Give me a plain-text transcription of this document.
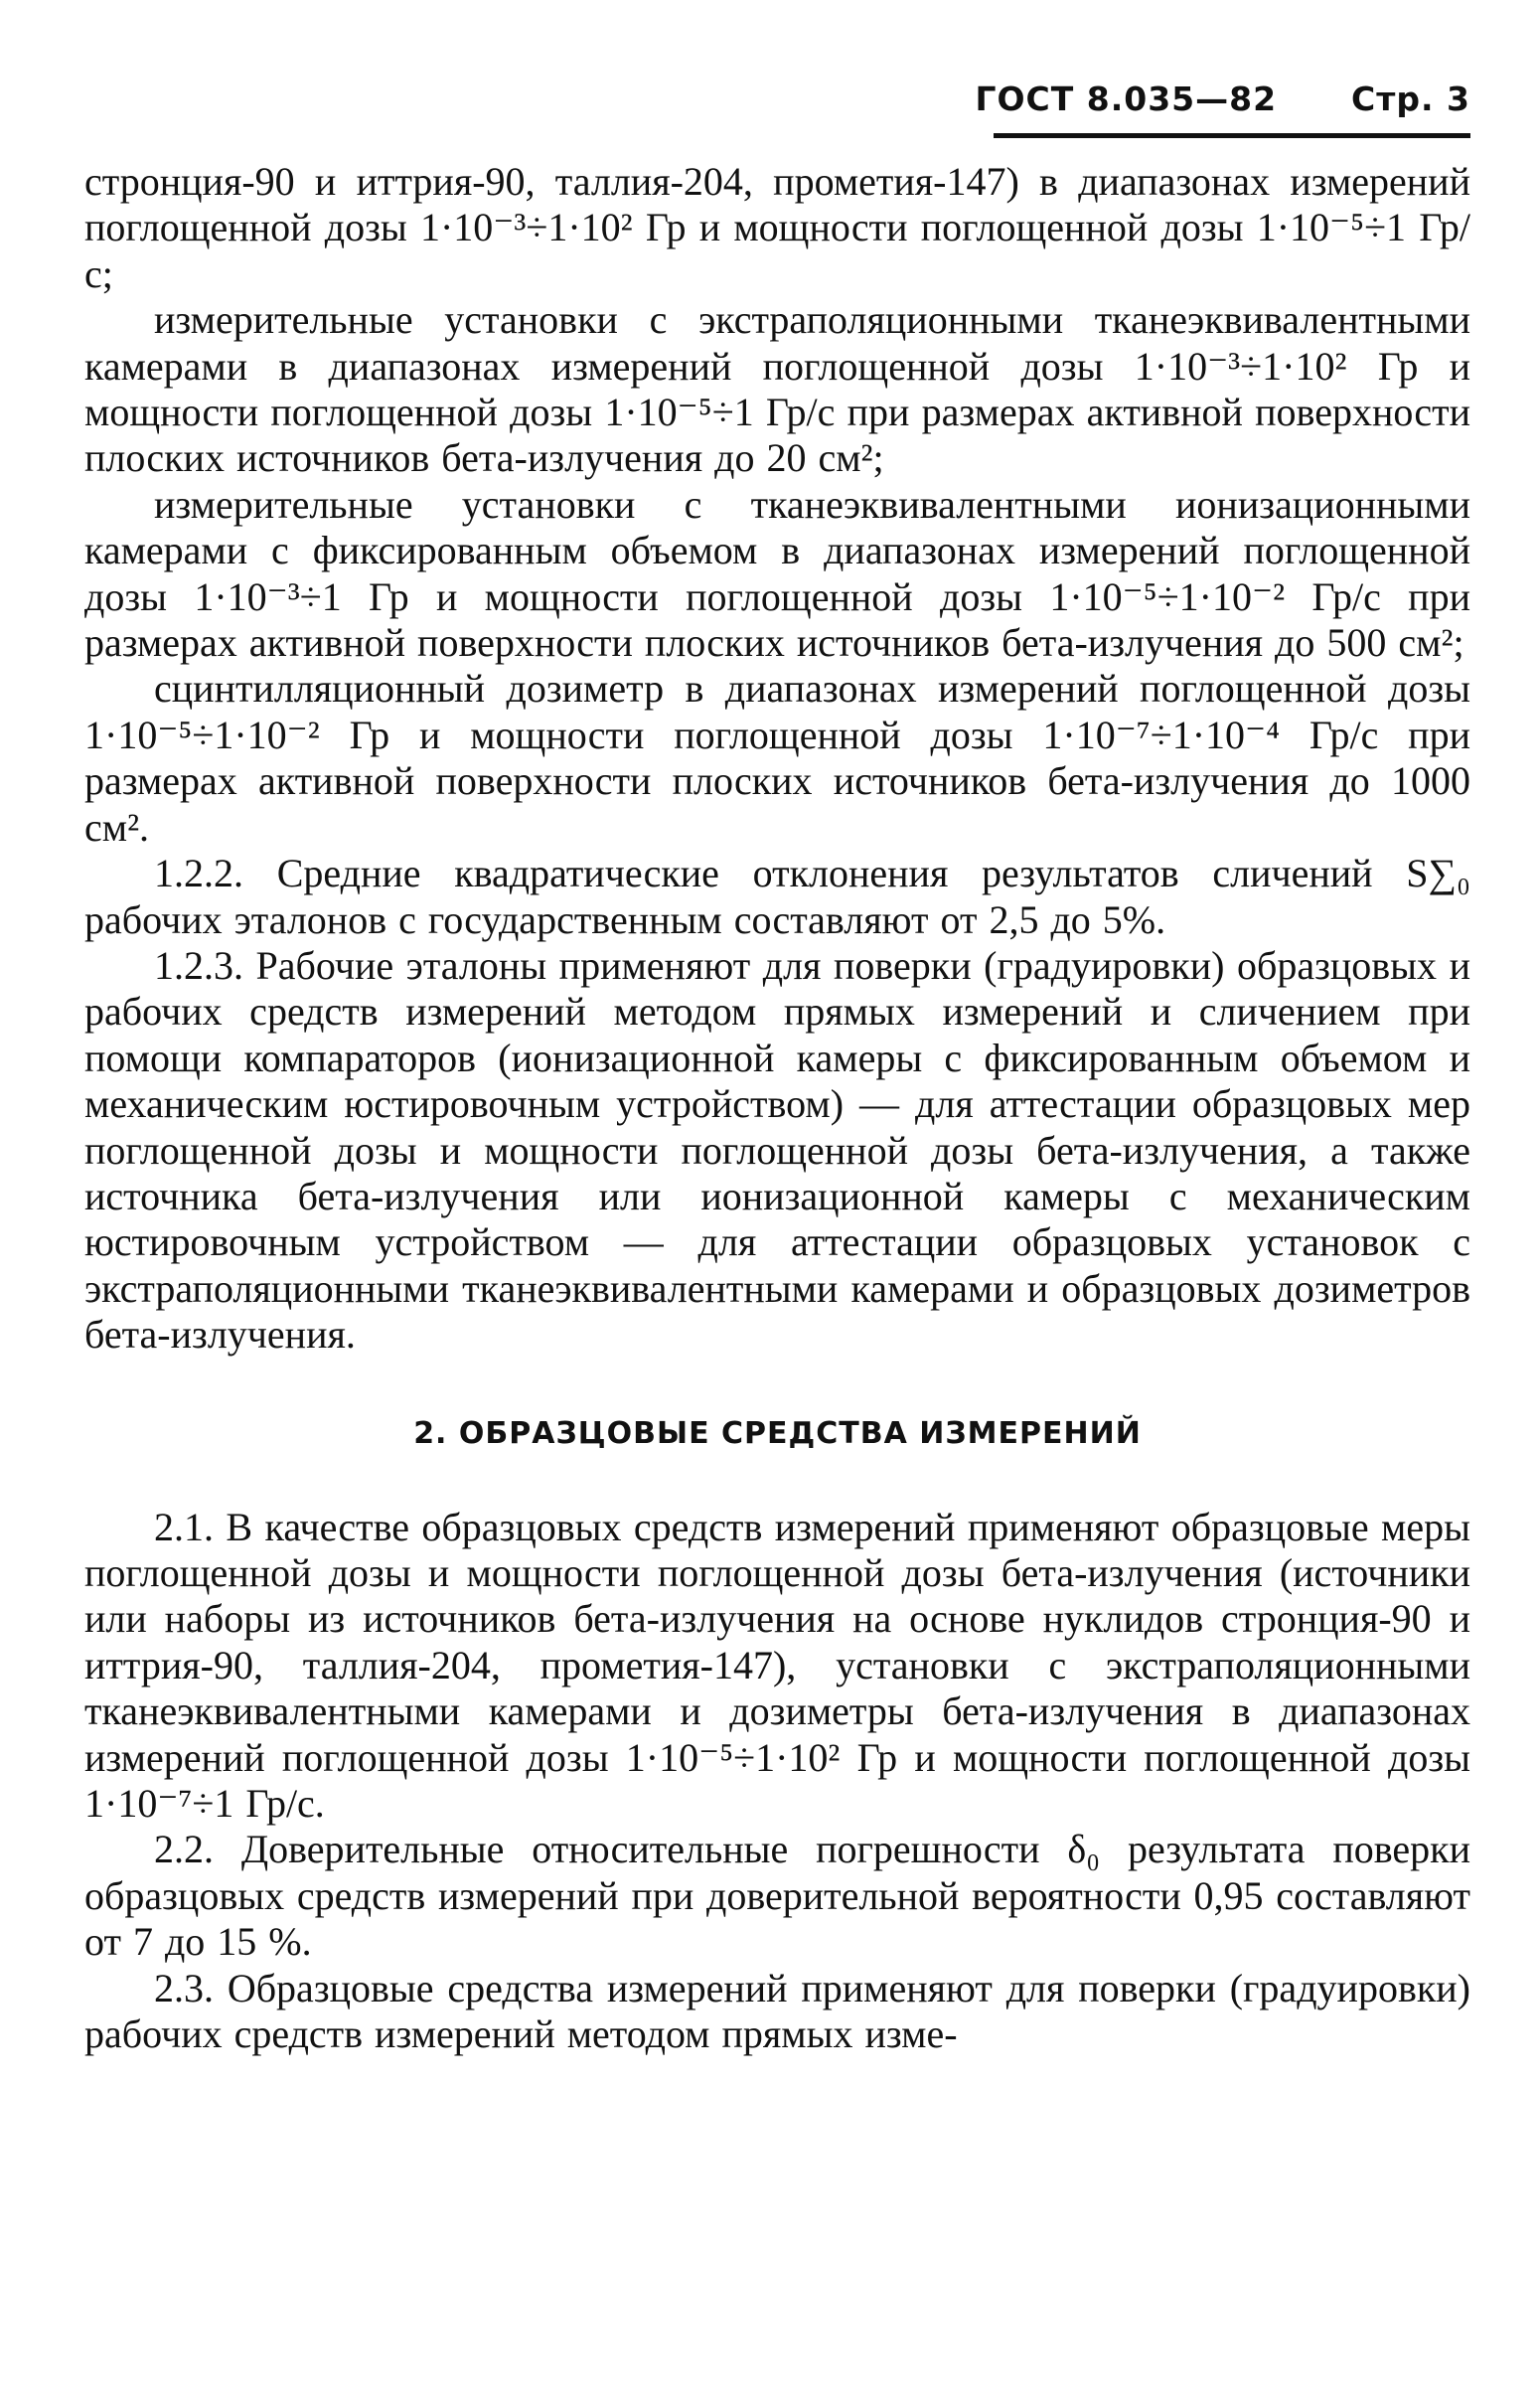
ГОСТ 8.035—82 Стр. 3

стронция-90 и иттрия-90, таллия-204, прометия-147) в диапазонах измерений поглощенной дозы 1·10⁻³÷1·10² Гр и мощности поглощенной дозы 1·10⁻⁵÷1 Гр/с;

измерительные установки с экстраполяционными тканеэквивалентными камерами в диапазонах измерений поглощенной дозы 1·10⁻³÷1·10² Гр и мощности поглощенной дозы 1·10⁻⁵÷1 Гр/с при размерах активной поверхности плоских источников бета-излучения до 20 см²;

измерительные установки с тканеэквивалентными ионизационными камерами с фиксированным объемом в диапазонах измерений поглощенной дозы 1·10⁻³÷1 Гр и мощности поглощенной дозы 1·10⁻⁵÷1·10⁻² Гр/с при размерах активной поверхности плоских источников бета-излучения до 500 см²;

сцинтилляционный дозиметр в диапазонах измерений поглощенной дозы 1·10⁻⁵÷1·10⁻² Гр и мощности поглощенной дозы 1·10⁻⁷÷1·10⁻⁴ Гр/с при размерах активной поверхности плоских источников бета-излучения до 1000 см².

1.2.2. Средние квадратические отклонения результатов сличений S∑₀ рабочих эталонов с государственным составляют от 2,5 до 5%.

1.2.3. Рабочие эталоны применяют для поверки (градуировки) образцовых и рабочих средств измерений методом прямых измерений и сличением при помощи компараторов (ионизационной камеры с фиксированным объемом и механическим юстировочным устройством) — для аттестации образцовых мер поглощенной дозы и мощности поглощенной дозы бета-излучения, а также источника бета-излучения или ионизационной камеры с механическим юстировочным устройством — для аттестации образцовых установок с экстраполяционными тканеэквивалентными камерами и образцовых дозиметров бета-излучения.

2. ОБРАЗЦОВЫЕ СРЕДСТВА ИЗМЕРЕНИЙ

2.1. В качестве образцовых средств измерений применяют образцовые меры поглощенной дозы и мощности поглощенной дозы бета-излучения (источники или наборы из источников бета-излучения на основе нуклидов стронция-90 и иттрия-90, таллия-204, прометия-147), установки с экстраполяционными тканеэквивалентными камерами и дозиметры бета-излучения в диапазонах измерений поглощенной дозы 1·10⁻⁵÷1·10² Гр и мощности поглощенной дозы 1·10⁻⁷÷1 Гр/с.

2.2. Доверительные относительные погрешности δ₀ результата поверки образцовых средств измерений при доверительной вероятности 0,95 составляют от 7 до 15 %.

2.3. Образцовые средства измерений применяют для поверки (градуировки) рабочих средств измерений методом прямых изме-
